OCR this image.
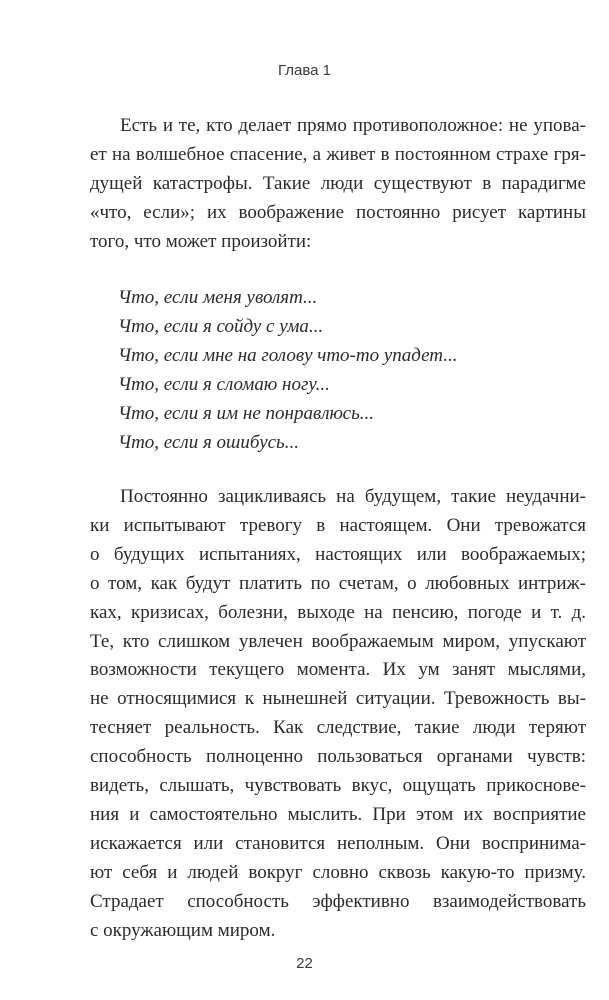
Глава 1
Есть и те, кто делает прямо противоположное: не упова-
ет на волшебное спасение, а живет в постоянном страхе гря-
дущей катастрофы. Такие люди существуют в парадигме
«что, если»; их воображение постоянно рисует картины
того, что может произойти:
Что, если меня уволят...
Что, если я сойду с ума...
Что, если мне на голову что-то упадет...
Что, если я сломаю ногу...
Что, если я им не понравлюсь...
Что, если я ошибусь...
Постоянно зацикливаясь на будущем, такие неудачни-
ки испытывают тревогу в настоящем. Они тревожатся
о будущих испытаниях, настоящих или воображаемых;
о том, как будут платить по счетам, о любовных интриж-
ках, кризисах, болезни, выходе на пенсию, погоде и т. д.
Те, кто слишком увлечен воображаемым миром, упускают
возможности текущего момента. Их ум занят мыслями,
не относящимися к нынешней ситуации. Тревожность вы-
тесняет реальность. Как следствие, такие люди теряют
способность полноценно пользоваться органами чувств:
видеть, слышать, чувствовать вкус, ощущать прикоснове-
ния и самостоятельно мыслить. При этом их восприятие
искажается или становится неполным. Они воспринима-
ют себя и людей вокруг словно сквозь какую-то призму.
Страдает способность эффективно взаимодействовать
с окружающим миром.
22
